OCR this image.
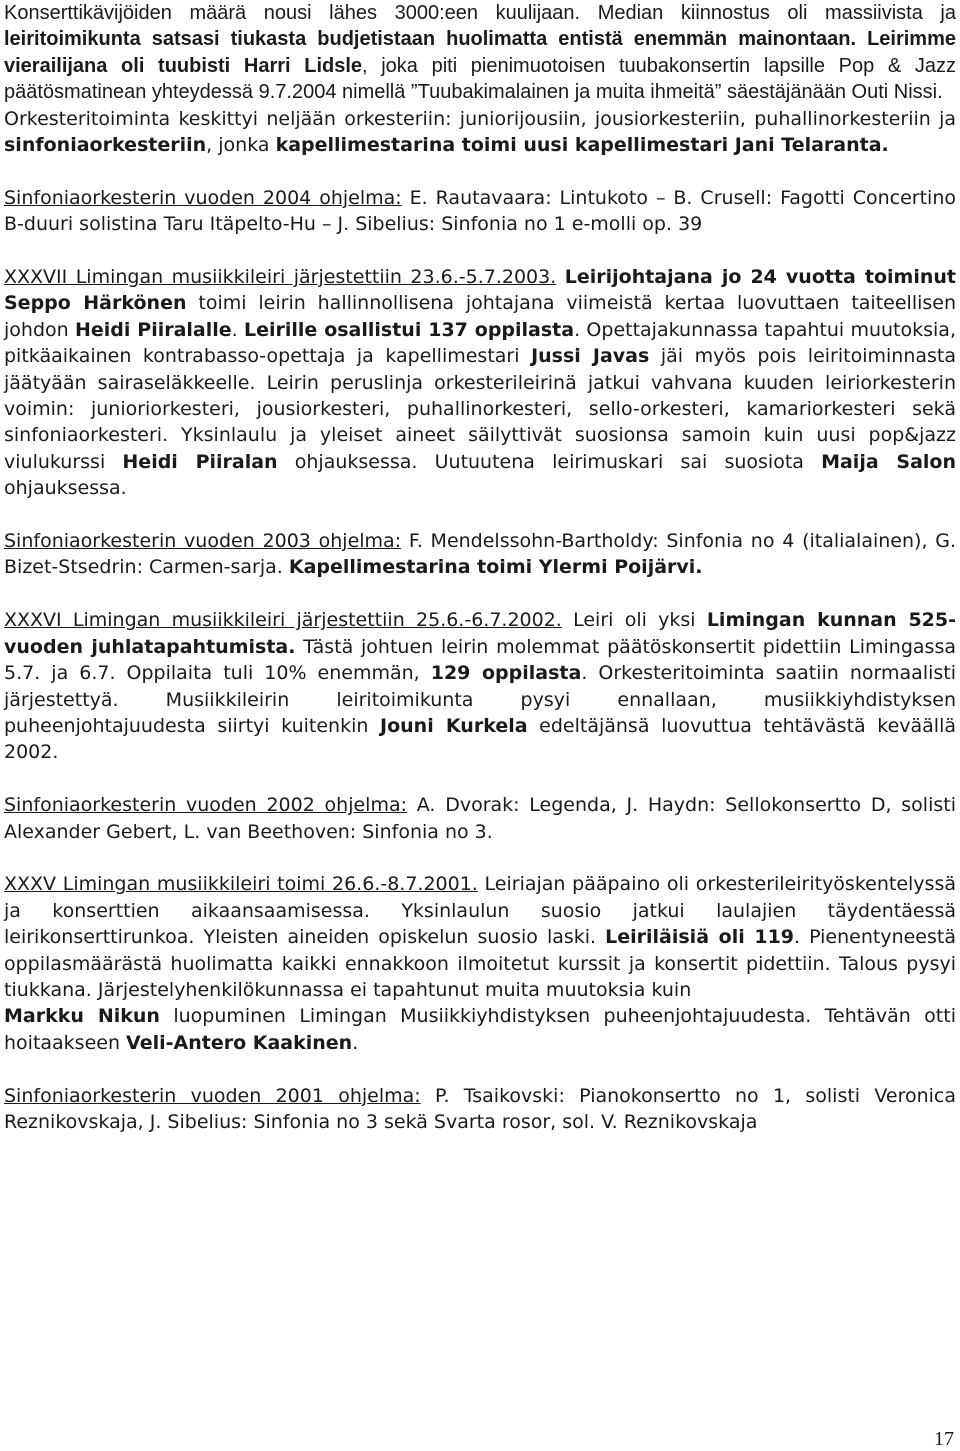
Konserttikävijöiden määrä nousi lähes 3000:een kuulijaan. Median kiinnostus oli massiivista ja leiritoimikunta satsasi tiukasta budjetistaan huolimatta entistä enemmän mainontaan. Leirimme vierailijana oli tuubisti Harri Lidsle, joka piti pienimuotoisen tuubakonsertin lapsille Pop & Jazz päätösmatinean yhteydessä 9.7.2004 nimellä ”Tuubakimalainen ja muita ihmeitä” säestäjänään Outi Nissi.

Orkesteritoiminta keskittyi neljään orkesteriin: juniorijousiin, jousiorkesteriin, puhallinorkesteriin ja sinfoniaorkesteriin, jonka kapellimestarina toimi uusi kapellimestari Jani Telaranta.

Sinfoniaorkesterin vuoden 2004 ohjelma: E. Rautavaara: Lintukoto – B. Crusell: Fagotti Concertino B-duuri solistina Taru Itäpelto-Hu – J. Sibelius: Sinfonia no 1 e-molli op. 39

XXXVII Limingan musiikkileiri järjestettiin 23.6.-5.7.2003. Leirijohtajana jo 24 vuotta toiminut Seppo Härkönen toimi leirin hallinnollisena johtajana viimeistä kertaa luovuttaen taiteellisen johdon Heidi Piiralalle. Leirille osallistui 137 oppilasta. Opettajakunnassa tapahtui muutoksia, pitkäaikainen kontrabasso-opettaja ja kapellimestari Jussi Javas jäi myös pois leiritoiminnasta jäätyään sairaseläkkeelle. Leirin peruslinja orkesterileirinä jatkui vahvana kuuden leiriorkesterin voimin: junioriorkesteri, jousiorkesteri, puhallinorkesteri, sello-orkesteri, kamariorkesteri sekä sinfoniaorkesteri. Yksinlaulu ja yleiset aineet säilyttivät suosionsa samoin kuin uusi pop&jazz viulukurssi Heidi Piiralan ohjauksessa. Uutuutena leirimuskari sai suosiota Maija Salon ohjauksessa.

Sinfoniaorkesterin vuoden 2003 ohjelma: F. Mendelssohn-Bartholdy: Sinfonia no 4 (italialainen), G. Bizet-Stsedrin: Carmen-sarja. Kapellimestarina toimi Ylermi Poijärvi.

XXXVI Limingan musiikkileiri järjestettiin 25.6.-6.7.2002. Leiri oli yksi Limingan kunnan 525-vuoden juhlatapahtumista. Tästä johtuen leirin molemmat päätöskonsertit pidettiin Limingassa 5.7. ja 6.7. Oppilaita tuli 10% enemmän, 129 oppilasta. Orkesteritoiminta saatiin normaalisti järjestettyä. Musiikkileirin leiritoimikunta pysyi ennallaan, musiikkiyhdistyksen puheenjohtajuudesta siirtyi kuitenkin Jouni Kurkela edeltäjänsä luovuttua tehtävästä keväällä 2002.

Sinfoniaorkesterin vuoden 2002 ohjelma: A. Dvorak: Legenda, J. Haydn: Sellokonsertto D, solisti Alexander Gebert, L. van Beethoven: Sinfonia no 3.

XXXV Limingan musiikkileiri toimi 26.6.-8.7.2001. Leiriajan pääpaino oli orkesterileirityöskentelyssä ja konserttien aikaansaamisessa. Yksinlaulun suosio jatkui laulajien täydentäessä leirikonserttirunkoa. Yleisten aineiden opiskelun suosio laski. Leiriläisiä oli 119. Pienentyneestä oppilasmäärästä huolimatta kaikki ennakkoon ilmoitetut kurssit ja konsertit pidettiin. Talous pysyi tiukkana. Järjestelyhenkilökunnassa ei tapahtunut muita muutoksia kuin

Markku Nikun luopuminen Limingan Musiikkiyhdistyksen puheenjohtajuudesta. Tehtävän otti hoitaakseen Veli-Antero Kaakinen.

Sinfoniaorkesterin vuoden 2001 ohjelma: P. Tsaikovski: Pianokonsertto no 1, solisti Veronica Reznikovskaja, J. Sibelius: Sinfonia no 3 sekä Svarta rosor, sol. V. Reznikovskaja

17
